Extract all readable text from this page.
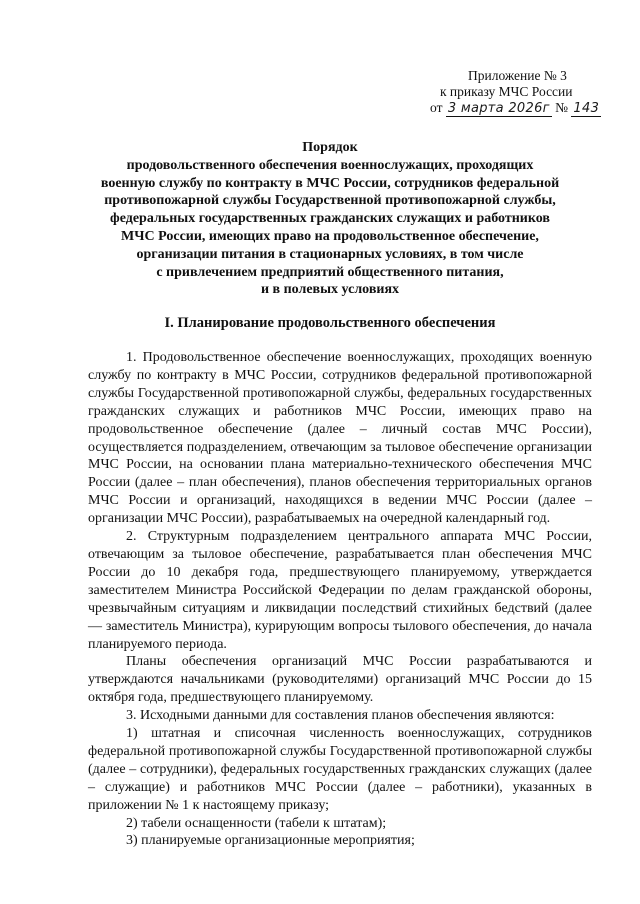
Приложение № 3
к приказу МЧС России
от 3 марта 2026г № 143
Порядок
продовольственного обеспечения военнослужащих, проходящих
военную службу по контракту в МЧС России, сотрудников федеральной
противопожарной службы Государственной противопожарной службы,
федеральных государственных гражданских служащих и работников
МЧС России, имеющих право на продовольственное обеспечение,
организации питания в стационарных условиях, в том числе
с привлечением предприятий общественного питания,
и в полевых условиях
I. Планирование продовольственного обеспечения

1. Продовольственное обеспечение военнослужащих, проходящих военную службу по контракту в МЧС России, сотрудников федеральной противопожарной службы Государственной противопожарной службы, федеральных государственных гражданских служащих и работников МЧС России, имеющих право на продовольственное обеспечение (далее – личный состав МЧС России), осуществляется подразделением, отвечающим за тыловое обеспечение организации МЧС России, на основании плана материально-технического обеспечения МЧС России (далее – план обеспечения), планов обеспечения территориальных органов МЧС России и организаций, находящихся в ведении МЧС России (далее – организации МЧС России), разрабатываемых на очередной календарный год.

2. Структурным подразделением центрального аппарата МЧС России, отвечающим за тыловое обеспечение, разрабатывается план обеспечения МЧС России до 10 декабря года, предшествующего планируемому, утверждается заместителем Министра Российской Федерации по делам гражданской обороны, чрезвычайным ситуациям и ликвидации последствий стихийных бедствий (далее — заместитель Министра), курирующим вопросы тылового обеспечения, до начала планируемого периода.

Планы обеспечения организаций МЧС России разрабатываются и утверждаются начальниками (руководителями) организаций МЧС России до 15 октября года, предшествующего планируемому.

3. Исходными данными для составления планов обеспечения являются:

1) штатная и списочная численность военнослужащих, сотрудников федеральной противопожарной службы Государственной противопожарной службы (далее – сотрудники), федеральных государственных гражданских служащих (далее – служащие) и работников МЧС России (далее – работники), указанных в приложении № 1 к настоящему приказу;

2) табели оснащенности (табели к штатам);

3) планируемые организационные мероприятия;
